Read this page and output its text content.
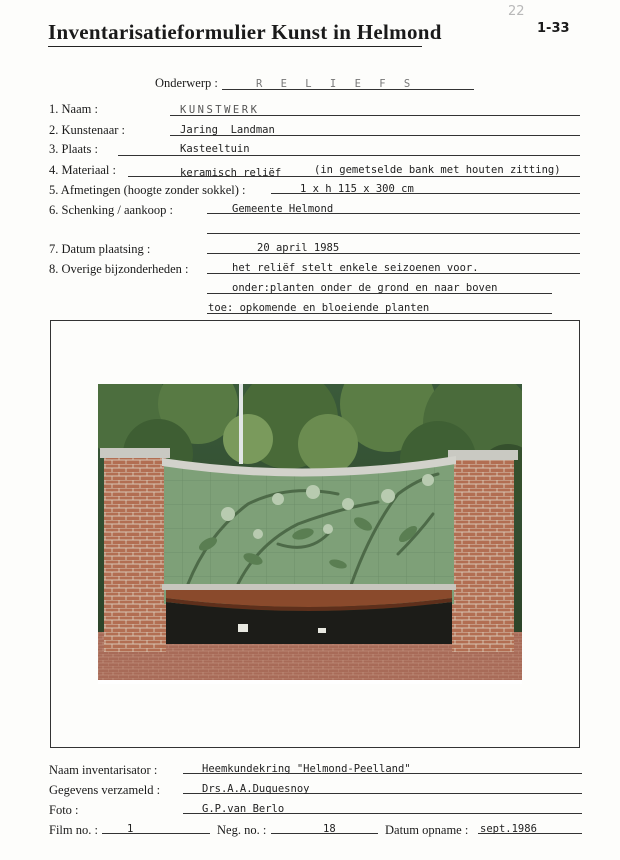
Inventarisatieformulier Kunst in Helmond
22
1-33
Onderwerp :	R E L I E F S
1. Naam :	KUNSTWERK
2. Kunstenaar :	Jaring  Landman
3. Plaats :	Kasteeltuin
4. Materiaal :	keramisch reliëf	(in gemetselde bank met houten zitting)
5. Afmetingen (hoogte zonder sokkel) :	1 x h 115 x 300 cm
6. Schenking / aankoop :	Gemeente Helmond
7. Datum plaatsing :	20 april 1985
8. Overige bijzonderheden :	het reliëf stelt enkele seizoenen voor.
onder:planten onder de grond en naar boven
toe: opkomende en bloeiende planten
Naam inventarisator :	Heemkundekring "Helmond-Peelland"
Gegevens verzameld :	Drs.A.A.Duquesnoy
Foto :	G.P.van Berlo
Film no. :	1	Neg. no. :	18	Datum opname : sept.1986
